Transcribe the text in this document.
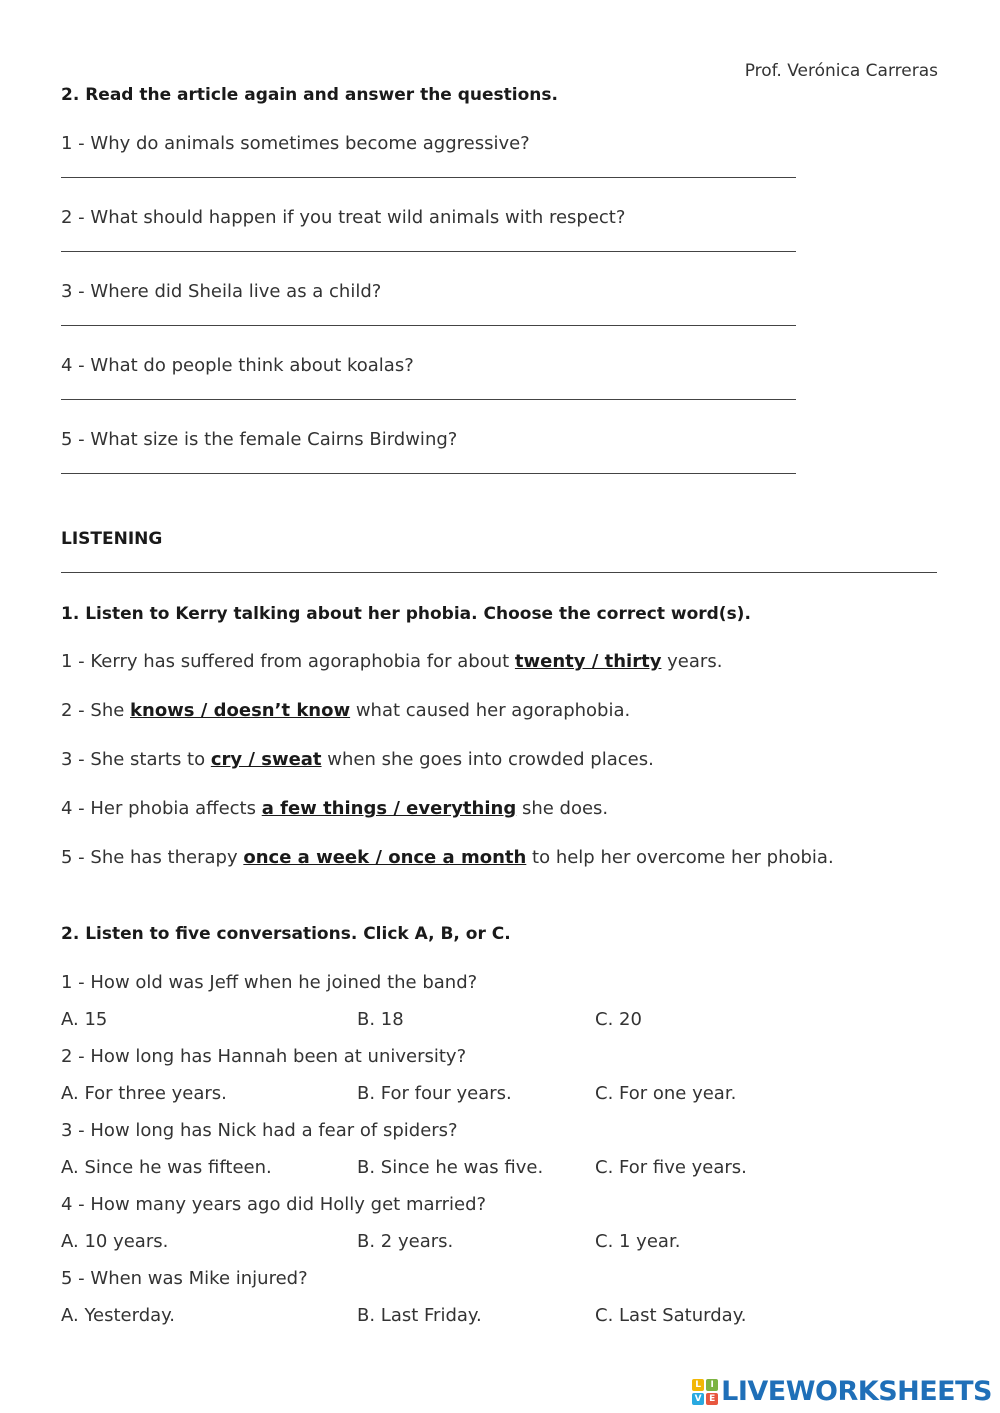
Prof. Verónica Carreras
2. Read the article again and answer the questions.
1 - Why do animals sometimes become aggressive?
2 - What should happen if you treat wild animals with respect?
3 - Where did Sheila live as a child?
4 - What do people think about koalas?
5 - What size is the female Cairns Birdwing?
LISTENING
1. Listen to Kerry talking about her phobia. Choose the correct word(s).
1 - Kerry has suffered from agoraphobia for about twenty / thirty years.
2 - She knows / doesn’t know what caused her agoraphobia.
3 - She starts to cry / sweat when she goes into crowded places.
4 - Her phobia affects a few things / everything she does.
5 - She has therapy once a week / once a month to help her overcome her phobia.
2. Listen to five conversations. Click A, B, or C.
1 - How old was Jeff when he joined the band?
A. 15	B. 18	C. 20
2 - How long has Hannah been at university?
A. For three years.	B. For four years.	C. For one year.
3 - How long has Nick had a fear of spiders?
A. Since he was fifteen.	B. Since he was five.	C. For five years.
4 - How many years ago did Holly get married?
A. 10 years.	B. 2 years.	C. 1 year.
5 - When was Mike injured?
A. Yesterday.	B. Last Friday.	C. Last Saturday.
L	I
V E LIVEWORKSHEETS
